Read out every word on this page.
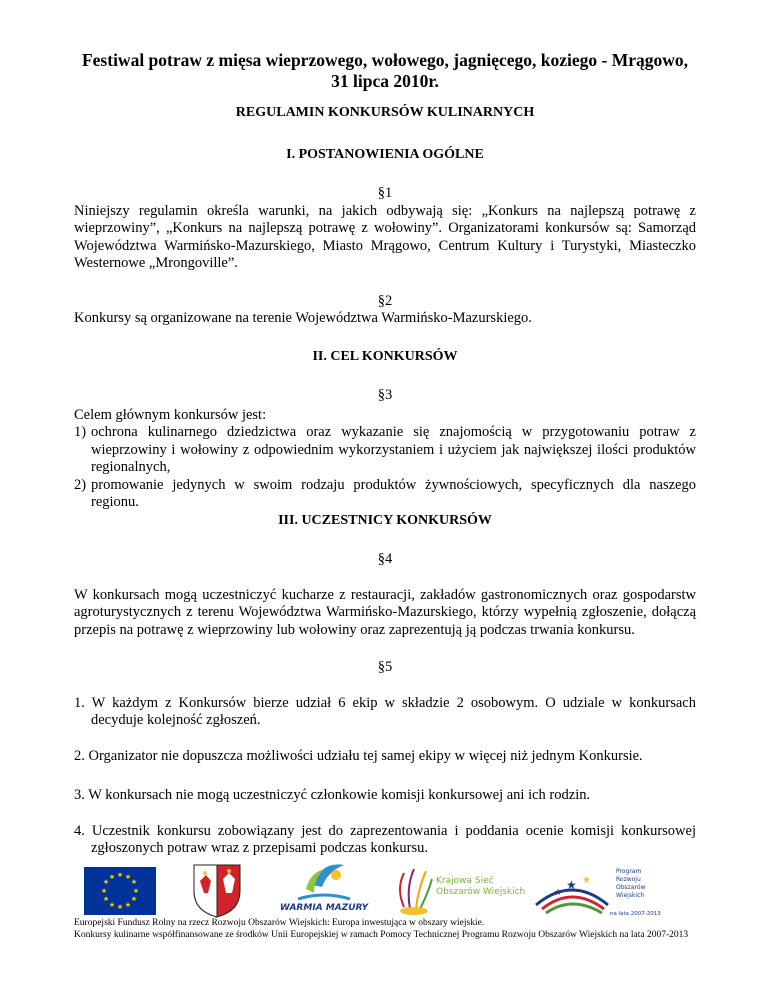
Festiwal potraw z mięsa wieprzowego, wołowego, jagnięcego, koziego - Mrągowo, 31 lipca 2010r.
REGULAMIN KONKURSÓW KULINARNYCH
I. POSTANOWIENIA OGÓLNE
§1
Niniejszy regulamin określa warunki, na jakich odbywają się: „Konkurs na najlepszą potrawę z wieprzowiny”, „Konkurs na najlepszą potrawę z wołowiny”. Organizatorami konkursów są: Samorząd Województwa Warmińsko-Mazurskiego, Miasto Mrągowo, Centrum Kultury i Turystyki, Miasteczko Westernowe „Mrongoville”.
§2
Konkursy są organizowane na terenie Województwa Warmińsko-Mazurskiego.
II. CEL KONKURSÓW
§3
Celem głównym konkursów jest:
1) ochrona kulinarnego dziedzictwa oraz wykazanie się znajomością w przygotowaniu potraw z wieprzowiny i wołowiny z odpowiednim wykorzystaniem i użyciem jak największej ilości produktów regionalnych,
2) promowanie jedynych w swoim rodzaju produktów żywnościowych, specyficznych dla naszego regionu.
III. UCZESTNICY KONKURSÓW
§4
W konkursach mogą uczestniczyć kucharze z restauracji, zakładów gastronomicznych oraz gospodarstw agroturystycznych z terenu Województwa Warmińsko-Mazurskiego, którzy wypełnią zgłoszenie, dołączą przepis na potrawę z wieprzowiny lub wołowiny oraz zaprezentują ją podczas trwania konkursu.
§5
1. W każdym z Konkursów bierze udział 6 ekip w składzie 2 osobowym. O udziale w konkursach decyduje kolejność zgłoszeń.
2. Organizator nie dopuszcza możliwości udziału tej samej ekipy w więcej niż jednym Konkursie.
3. W konkursach nie mogą uczestniczyć członkowie komisji konkursowej ani ich rodzin.
4. Uczestnik konkursu zobowiązany jest do zaprezentowania i poddania ocenie komisji konkursowej zgłoszonych potraw wraz z przepisami podczas konkursu.
★ ★
★
★
★
★
★
★
★
★
★
★
WARMIA MAZURY
Krajowa Sieć
Obszarów Wiejskich	★ ★
★
Program
Rozwoju
Obszarów
Wiejskich
na lata 2007-2013
Europejski Fundusz Rolny na rzecz Rozwoju Obszarów Wiejskich: Europa inwestująca w obszary wiejskie.
Konkursy kulinarne współfinansowane ze środków Unii Europejskiej w ramach Pomocy Technicznej Programu Rozwoju Obszarów Wiejskich na lata 2007-2013
